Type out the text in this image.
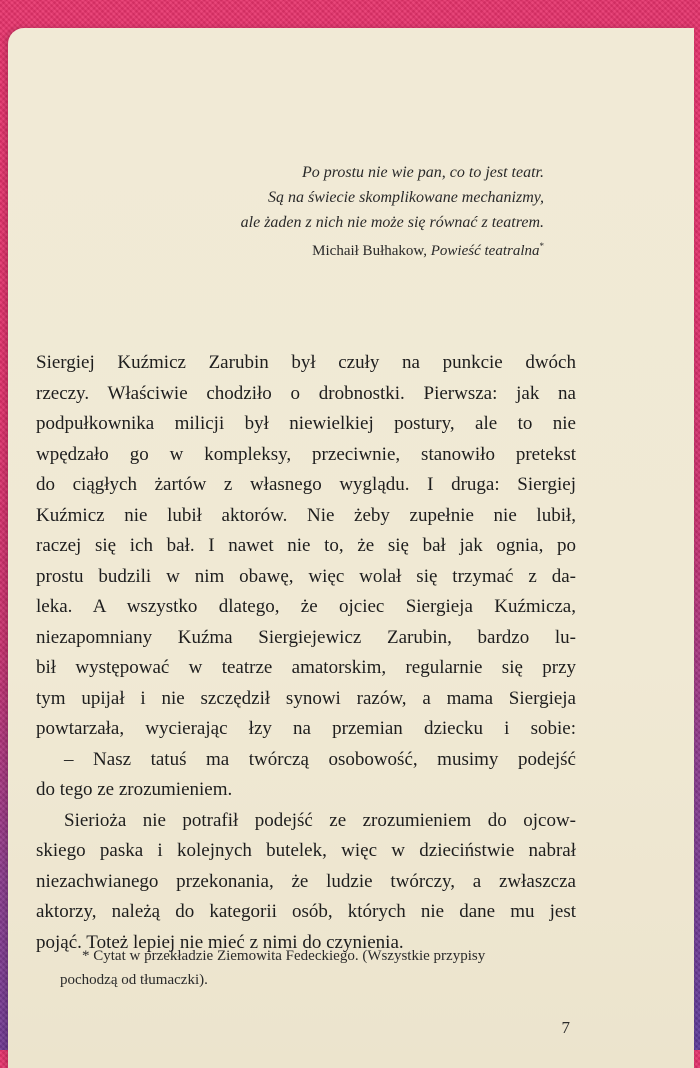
Po prostu nie wie pan, co to jest teatr.
Są na świecie skomplikowane mechanizmy,
ale żaden z nich nie może się równać z teatrem.
Michaił Bułhakow, Powieść teatralna*
Siergiej Kuźmicz Zarubin był czuły na punkcie dwóch
rzeczy. Właściwie chodziło o drobnostki. Pierwsza: jak na
podpułkownika milicji był niewielkiej postury, ale to nie
wpędzało go w kompleksy, przeciwnie, stanowiło pretekst
do ciągłych żartów z własnego wyglądu. I druga: Siergiej
Kuźmicz nie lubił aktorów. Nie żeby zupełnie nie lubił,
raczej się ich bał. I nawet nie to, że się bał jak ognia, po
prostu budzili w nim obawę, więc wolał się trzymać z da-
leka. A wszystko dlatego, że ojciec Siergieja Kuźmicza,
niezapomniany Kuźma Siergiejewicz Zarubin, bardzo lu-
bił występować w teatrze amatorskim, regularnie się przy
tym upijał i nie szczędził synowi razów, a mama Siergieja
powtarzała, wycierając łzy na przemian dziecku i sobie:
– Nasz tatuś ma twórczą osobowość, musimy podejść
do tego ze zrozumieniem.
Sierioża nie potrafił podejść ze zrozumieniem do ojcow-
skiego paska i kolejnych butelek, więc w dzieciństwie nabrał
niezachwianego przekonania, że ludzie twórczy, a zwłaszcza
aktorzy, należą do kategorii osób, których nie dane mu jest
pojąć. Toteż lepiej nie mieć z nimi do czynienia.
* Cytat w przekładzie Ziemowita Fedeckiego. (Wszystkie przypisy
pochodzą od tłumaczki).
7
